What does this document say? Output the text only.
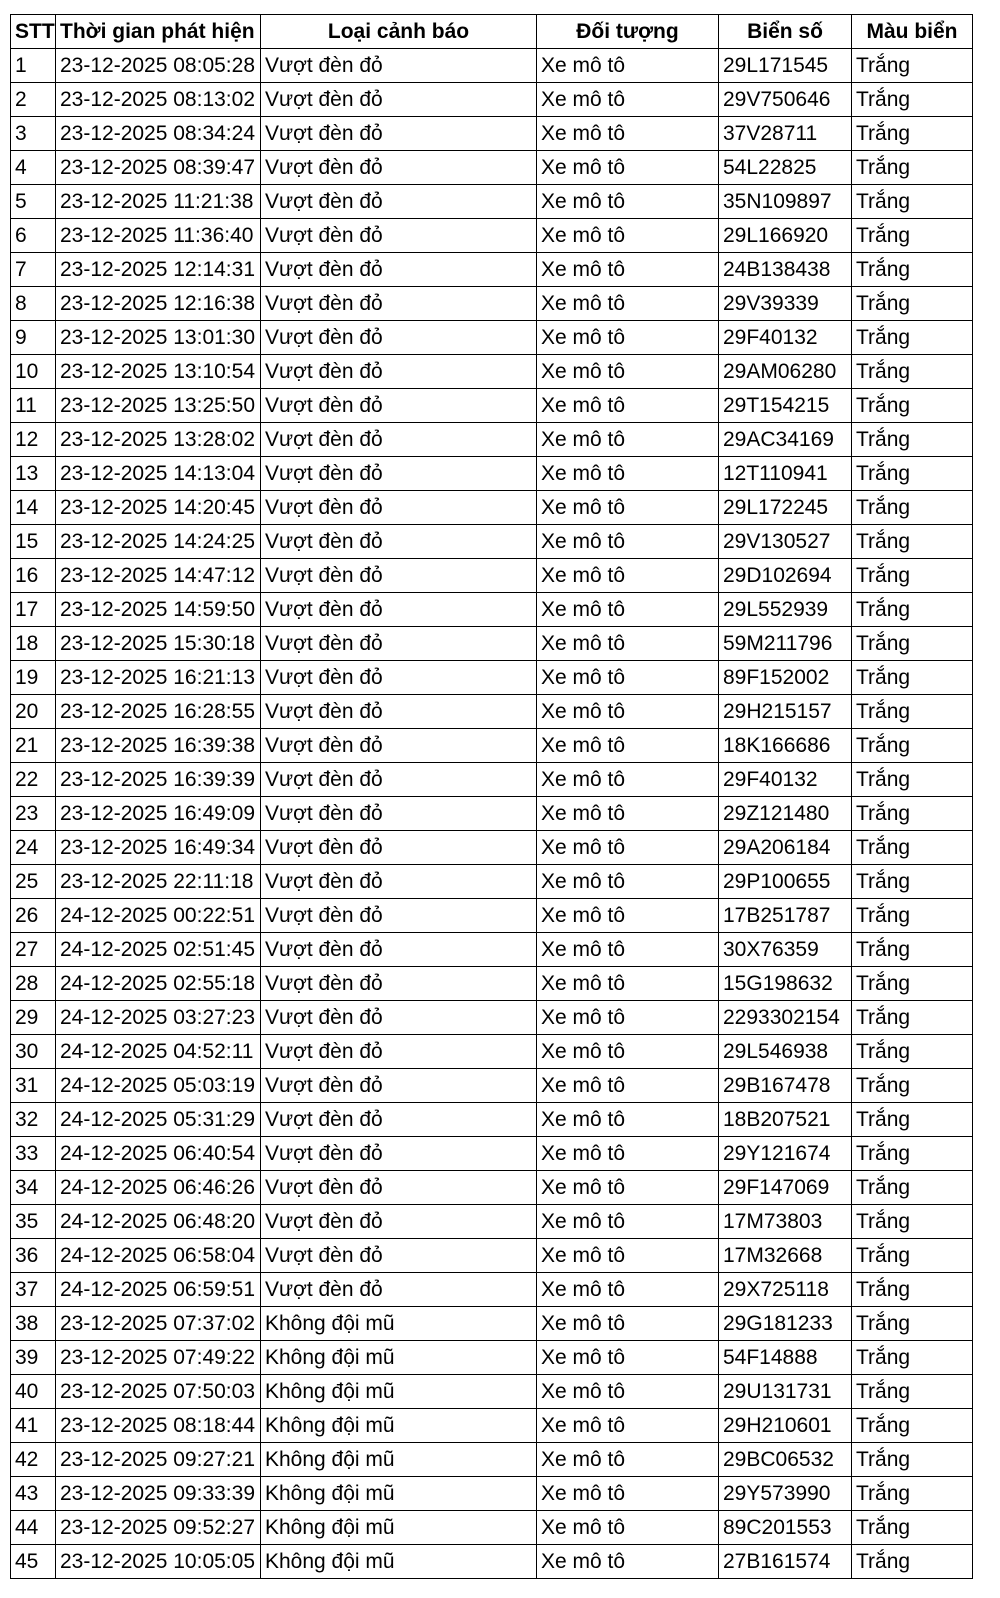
STT	Thời gian phát hiện	Loại cảnh báo	Đối tượng	Biển số	Màu biển
1	23-12-2025 08:05:28	Vượt đèn đỏ	Xe mô tô	29L171545	Trắng
2	23-12-2025 08:13:02	Vượt đèn đỏ	Xe mô tô	29V750646	Trắng
3	23-12-2025 08:34:24	Vượt đèn đỏ	Xe mô tô	37V28711	Trắng
4	23-12-2025 08:39:47	Vượt đèn đỏ	Xe mô tô	54L22825	Trắng
5	23-12-2025 11:21:38	Vượt đèn đỏ	Xe mô tô	35N109897	Trắng
6	23-12-2025 11:36:40	Vượt đèn đỏ	Xe mô tô	29L166920	Trắng
7	23-12-2025 12:14:31	Vượt đèn đỏ	Xe mô tô	24B138438	Trắng
8	23-12-2025 12:16:38	Vượt đèn đỏ	Xe mô tô	29V39339	Trắng
9	23-12-2025 13:01:30	Vượt đèn đỏ	Xe mô tô	29F40132	Trắng
10	23-12-2025 13:10:54	Vượt đèn đỏ	Xe mô tô	29AM06280	Trắng
11	23-12-2025 13:25:50	Vượt đèn đỏ	Xe mô tô	29T154215	Trắng
12	23-12-2025 13:28:02	Vượt đèn đỏ	Xe mô tô	29AC34169	Trắng
13	23-12-2025 14:13:04	Vượt đèn đỏ	Xe mô tô	12T110941	Trắng
14	23-12-2025 14:20:45	Vượt đèn đỏ	Xe mô tô	29L172245	Trắng
15	23-12-2025 14:24:25	Vượt đèn đỏ	Xe mô tô	29V130527	Trắng
16	23-12-2025 14:47:12	Vượt đèn đỏ	Xe mô tô	29D102694	Trắng
17	23-12-2025 14:59:50	Vượt đèn đỏ	Xe mô tô	29L552939	Trắng
18	23-12-2025 15:30:18	Vượt đèn đỏ	Xe mô tô	59M211796	Trắng
19	23-12-2025 16:21:13	Vượt đèn đỏ	Xe mô tô	89F152002	Trắng
20	23-12-2025 16:28:55	Vượt đèn đỏ	Xe mô tô	29H215157	Trắng
21	23-12-2025 16:39:38	Vượt đèn đỏ	Xe mô tô	18K166686	Trắng
22	23-12-2025 16:39:39	Vượt đèn đỏ	Xe mô tô	29F40132	Trắng
23	23-12-2025 16:49:09	Vượt đèn đỏ	Xe mô tô	29Z121480	Trắng
24	23-12-2025 16:49:34	Vượt đèn đỏ	Xe mô tô	29A206184	Trắng
25	23-12-2025 22:11:18	Vượt đèn đỏ	Xe mô tô	29P100655	Trắng
26	24-12-2025 00:22:51	Vượt đèn đỏ	Xe mô tô	17B251787	Trắng
27	24-12-2025 02:51:45	Vượt đèn đỏ	Xe mô tô	30X76359	Trắng
28	24-12-2025 02:55:18	Vượt đèn đỏ	Xe mô tô	15G198632	Trắng
29	24-12-2025 03:27:23	Vượt đèn đỏ	Xe mô tô	2293302154	Trắng
30	24-12-2025 04:52:11	Vượt đèn đỏ	Xe mô tô	29L546938	Trắng
31	24-12-2025 05:03:19	Vượt đèn đỏ	Xe mô tô	29B167478	Trắng
32	24-12-2025 05:31:29	Vượt đèn đỏ	Xe mô tô	18B207521	Trắng
33	24-12-2025 06:40:54	Vượt đèn đỏ	Xe mô tô	29Y121674	Trắng
34	24-12-2025 06:46:26	Vượt đèn đỏ	Xe mô tô	29F147069	Trắng
35	24-12-2025 06:48:20	Vượt đèn đỏ	Xe mô tô	17M73803	Trắng
36	24-12-2025 06:58:04	Vượt đèn đỏ	Xe mô tô	17M32668	Trắng
37	24-12-2025 06:59:51	Vượt đèn đỏ	Xe mô tô	29X725118	Trắng
38	23-12-2025 07:37:02	Không đội mũ	Xe mô tô	29G181233	Trắng
39	23-12-2025 07:49:22	Không đội mũ	Xe mô tô	54F14888	Trắng
40	23-12-2025 07:50:03	Không đội mũ	Xe mô tô	29U131731	Trắng
41	23-12-2025 08:18:44	Không đội mũ	Xe mô tô	29H210601	Trắng
42	23-12-2025 09:27:21	Không đội mũ	Xe mô tô	29BC06532	Trắng
43	23-12-2025 09:33:39	Không đội mũ	Xe mô tô	29Y573990	Trắng
44	23-12-2025 09:52:27	Không đội mũ	Xe mô tô	89C201553	Trắng
45	23-12-2025 10:05:05	Không đội mũ	Xe mô tô	27B161574	Trắng
